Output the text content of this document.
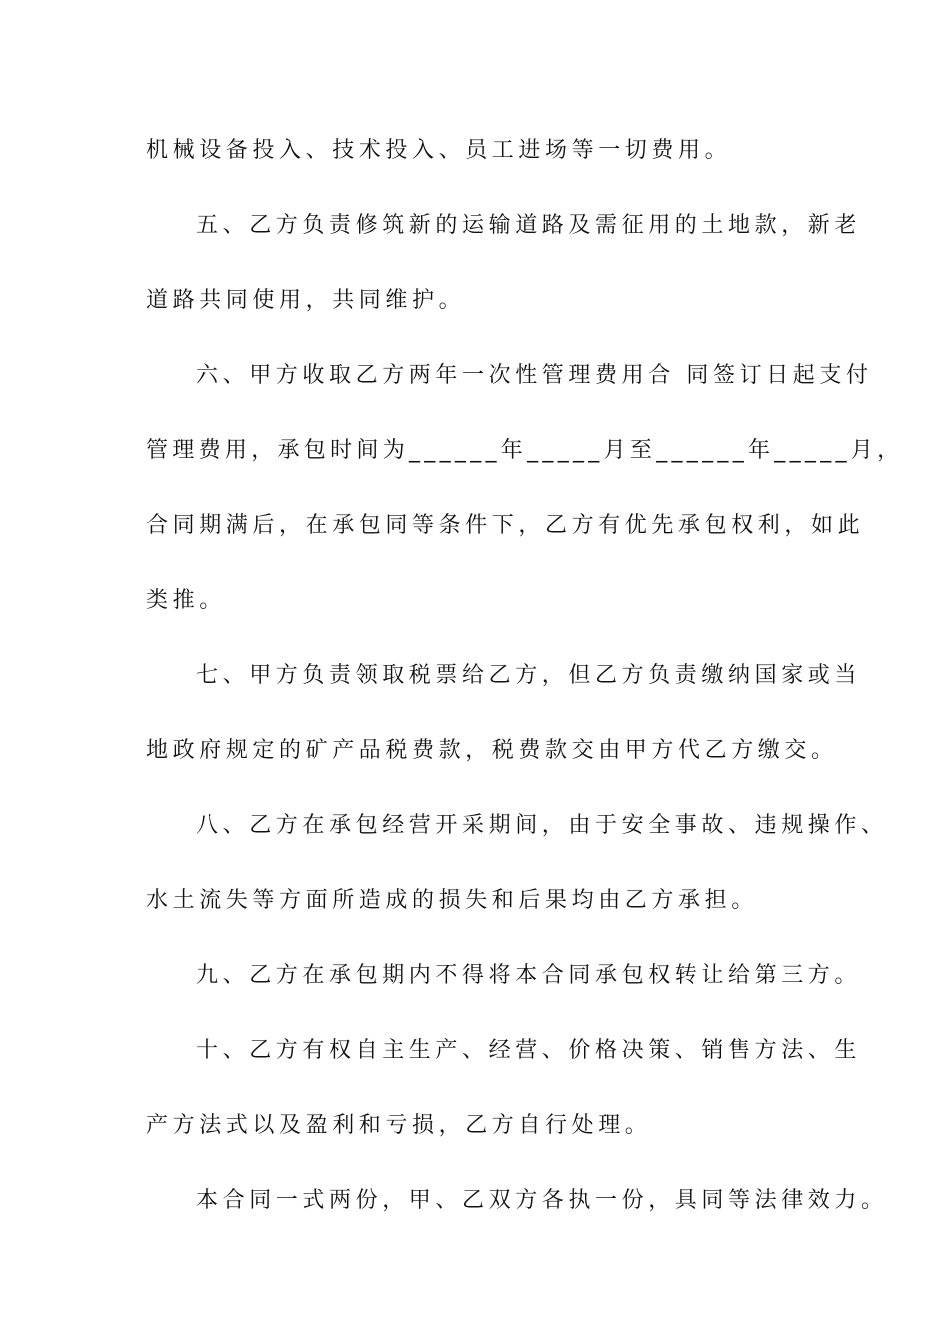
机械设备投入、技术投入、员工进场等一切费用。
五、乙方负责修筑新的运输道路及需征用的土地款，新老
道路共同使用，共同维护。
六、甲方收取乙方两年一次性管理费用合 同签订日起支付
管理费用，承包时间为______年_____月至______年_____月，
合同期满后，在承包同等条件下，乙方有优先承包权利，如此
类推。
七、甲方负责领取税票给乙方，但乙方负责缴纳国家或当
地政府规定的矿产品税费款，税费款交由甲方代乙方缴交。
八、乙方在承包经营开采期间，由于安全事故、违规操作、
水土流失等方面所造成的损失和后果均由乙方承担。
九、乙方在承包期内不得将本合同承包权转让给第三方。
十、乙方有权自主生产、经营、价格决策、销售方法、生
产方法式以及盈利和亏损，乙方自行处理。
本合同一式两份，甲、乙双方各执一份，具同等法律效力。
